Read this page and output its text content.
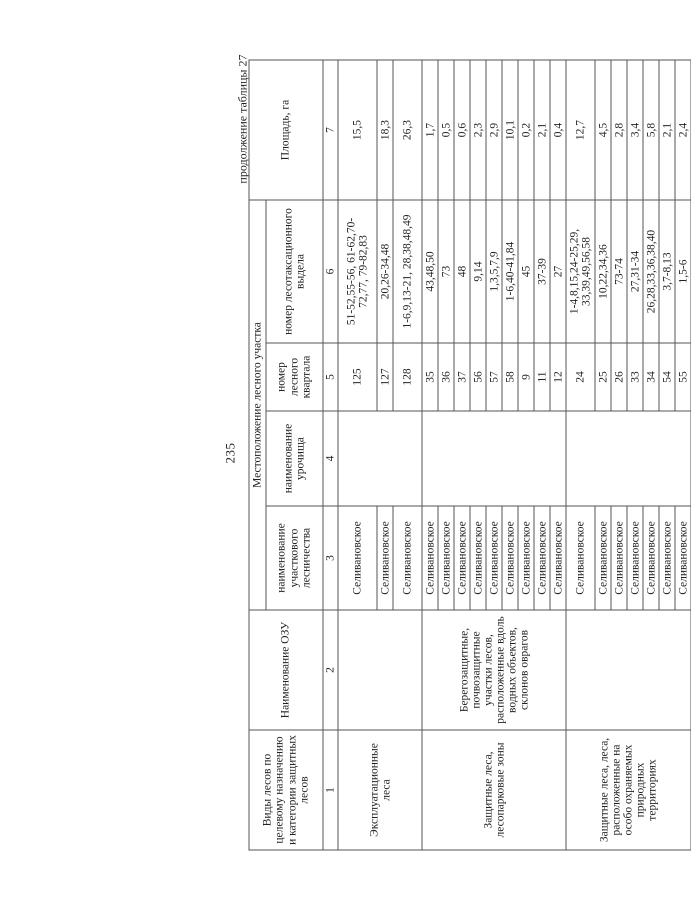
235
продолжение таблицы 27
Виды лесов по целевому назначению и категории защитных лесов	Наименование ОЗУ	Местоположение лесного участка				Площадь, га
		наименование участкового лесничества	наименование урочища	номер лесного квартала	номер лесотаксационного выдела	
1	2	3	4	5	6	7
Эксплуатационные леса		Селивановское		125	51-52,55-56, 61-62,70-72,77, 79-82,83	15,5
		Селивановское		127	20,26-34,48	18,3
		Селивановское		128	1-6,9,13-21, 28,38,48,49	26,3
Защитные леса, лесопарковые зоны	Берегозащитные, почвозащитные участки лесов, расположенные вдоль водных объектов, склонов оврагов	Селивановское		35	43,48,50	1,7
		Селивановское		36	73	0,5
		Селивановское		37	48	0,6
		Селивановское		56	9,14	2,3
		Селивановское		57	1,3,5,7,9	2,9
		Селивановское		58	1-6,40-41,84	10,1
		Селивановское		9	45	0,2
		Селивановское		11	37-39	2,1
		Селивановское		12	27	0,4
Защитные леса, леса, расположенные на особо охраняемых природных территориях		Селивановское		24	1-4,8,15,24-25,29, 33,39,49,56,58	12,7
		Селивановское		25	10,22,34,36	4,5
		Селивановское		26	73-74	2,8
		Селивановское		33	27,31-34	3,4
		Селивановское		34	26,28,33,36,38,40	5,8
		Селивановское		54	3,7-8,13	2,1
		Селивановское		55	1,5-6	2,4
